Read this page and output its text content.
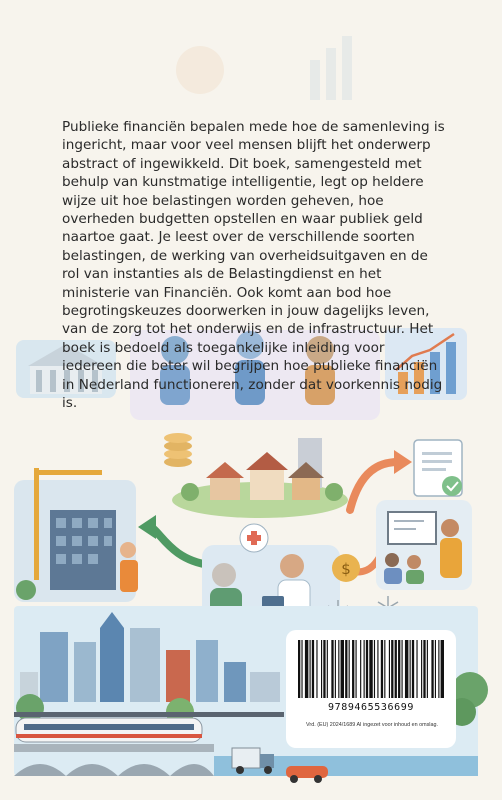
$

Publieke financiën bepalen mede hoe de samenleving is ingericht, maar voor veel mensen blijft het onderwerp abstract of ingewikkeld. Dit boek, samengesteld met behulp van kunstmatige intelligentie, legt op heldere wijze uit hoe belastingen worden geheven, hoe overheden budgetten opstellen en waar publiek geld naartoe gaat. Je leest over de verschillende soorten belastingen, de werking van overheidsuitgaven en de rol van instanties als de Belastingdienst en het ministerie van Financiën. Ook komt aan bod hoe begrotingskeuzes doorwerken in jouw dagelijks leven, van de zorg tot het onderwijs en de infrastructuur. Het boek is bedoeld als toegankelijke inleiding voor iedereen die beter wil begrijpen hoe publieke financiën in Nederland functioneren, zonder dat voorkennis nodig is.

9789465536699
Vrd. (EU) 2024/1689 AI ingezet voor inhoud en omslag.
